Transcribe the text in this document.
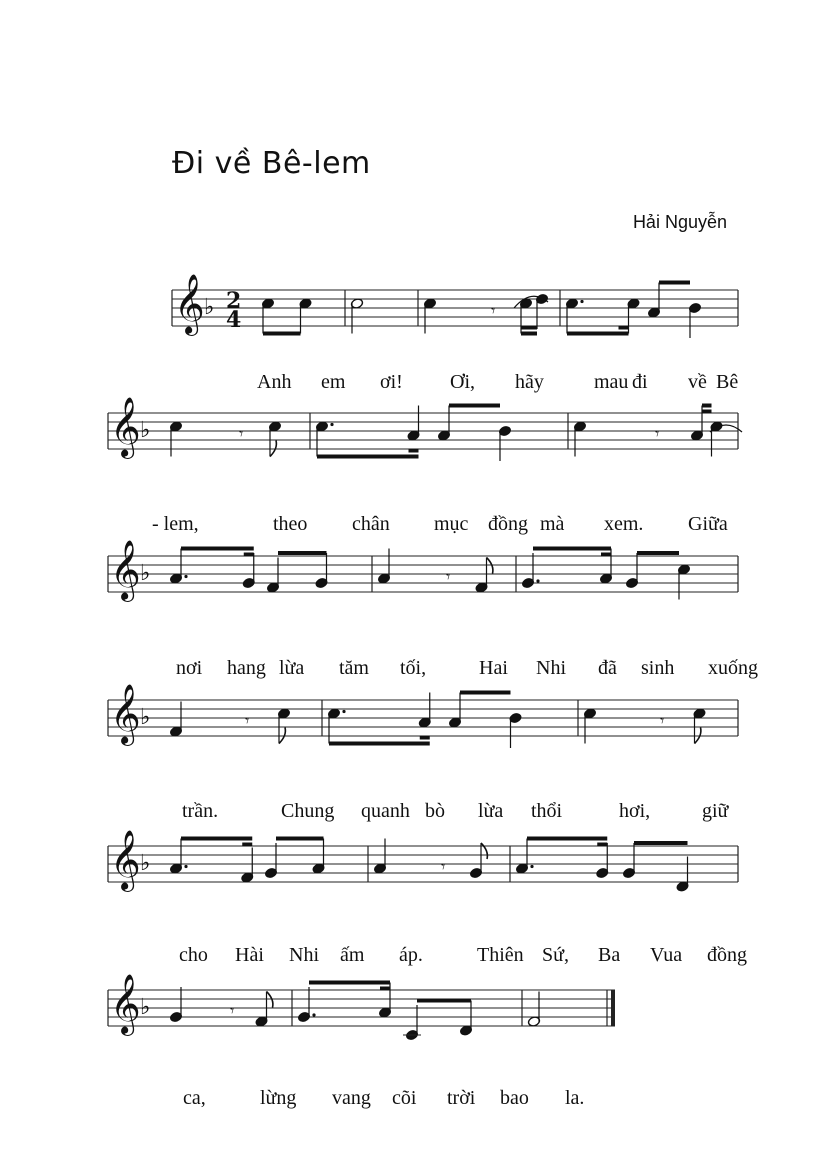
Đi về Bê-lem
Hải Nguyễn
2
4	𝄾
Anh em ơi! Ơi, hãy	mau đi về Bê
𝄞 ♭
𝄾	𝄾
- lem,	theo chân mục đồng mà xem. Giữa
𝄞 ♭
𝄾
nơi hang lừa tăm tối,	Hai Nhi đã sinh xuống
𝄞 ♭
𝄾	𝄾
trần.	Chung quanh bò lừa thổi	hơi,	giữ
𝄞 ♭
𝄾
cho Hài Nhi ấm áp.	Thiên Sứ, Ba Vua đồng
𝄞 ♭
𝄾
ca,	lừng vang cõi trời bao la.
𝄞 ♭
